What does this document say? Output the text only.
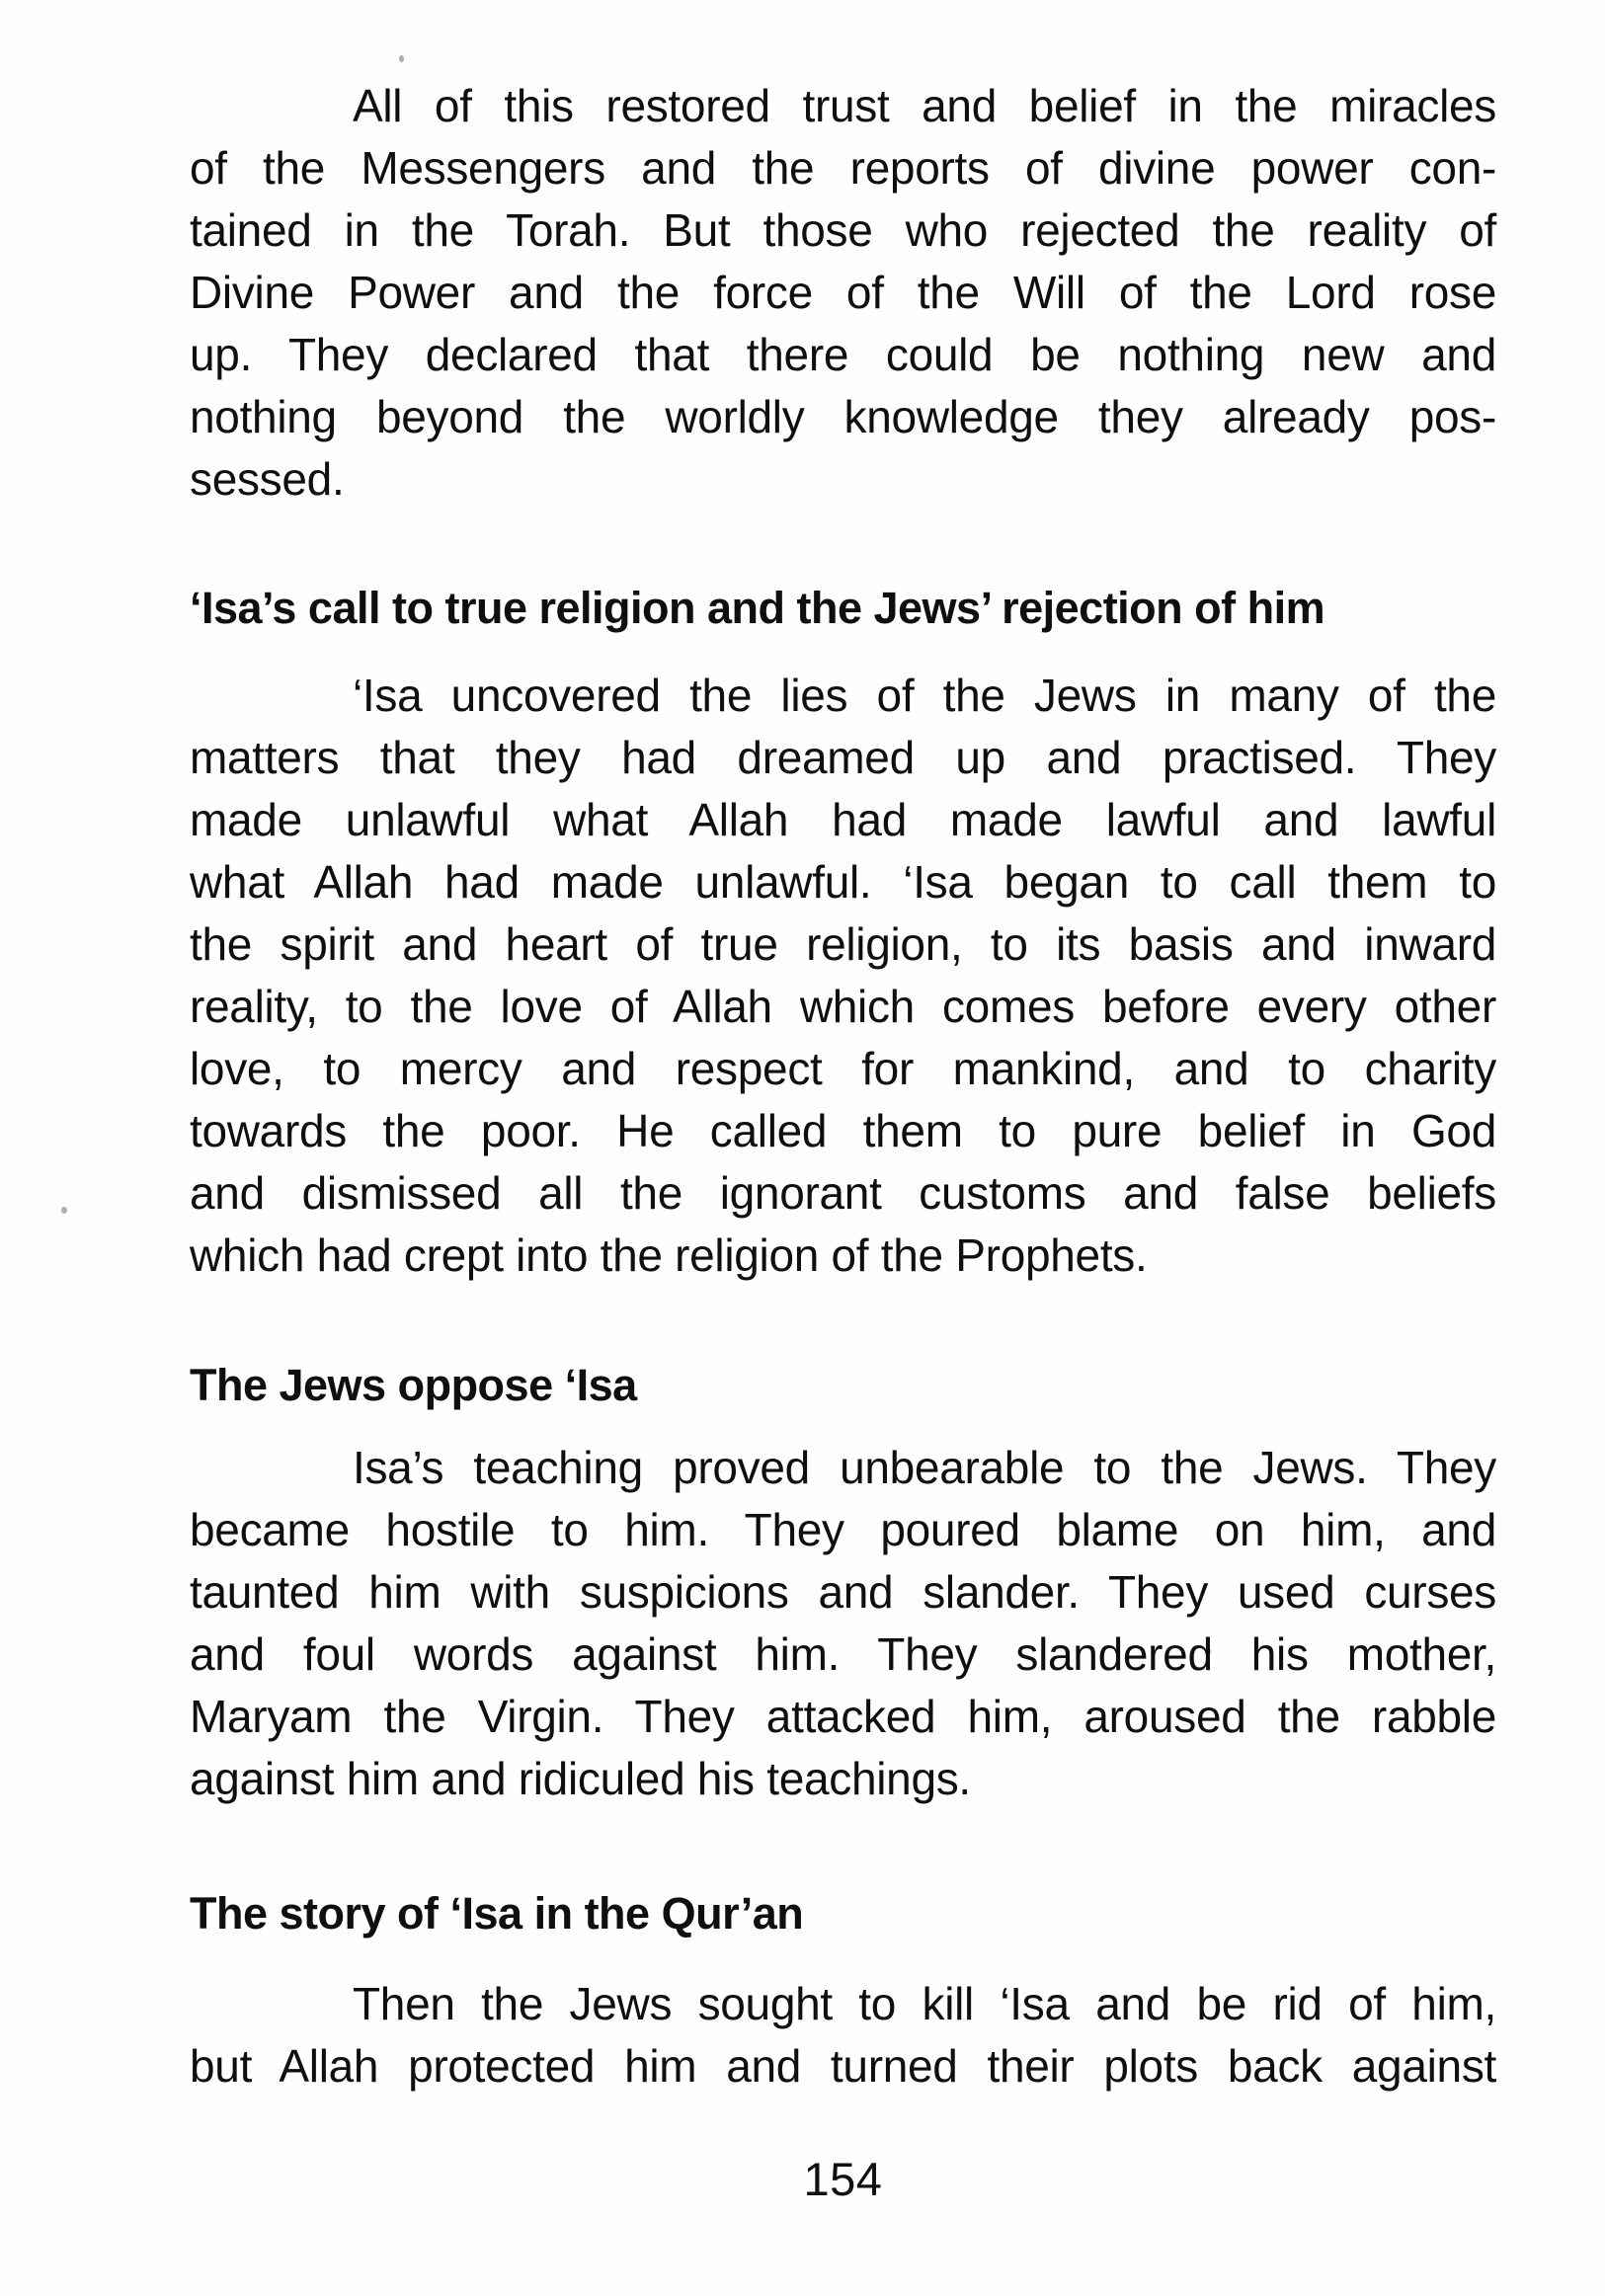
All of this restored trust and belief in the miracles
of the Messengers and the reports of divine power con-
tained in the Torah. But those who rejected the reality of
Divine Power and the force of the Will of the Lord rose
up. They declared that there could be nothing new and
nothing beyond the worldly knowledge they already pos-
sessed.
‘Isa’s call to true religion and the Jews’ rejection of him
‘Isa uncovered the lies of the Jews in many of the
matters that they had dreamed up and practised. They
made unlawful what Allah had made lawful and lawful
what Allah had made unlawful. ‘Isa began to call them to
the spirit and heart of true religion, to its basis and inward
reality, to the love of Allah which comes before every other
love, to mercy and respect for mankind, and to charity
towards the poor. He called them to pure belief in God
and dismissed all the ignorant customs and false beliefs
which had crept into the religion of the Prophets.
The Jews oppose ‘Isa
Isa’s teaching proved unbearable to the Jews. They
became hostile to him. They poured blame on him, and
taunted him with suspicions and slander. They used curses
and foul words against him. They slandered his mother,
Maryam the Virgin. They attacked him, aroused the rabble
against him and ridiculed his teachings.
The story of ‘Isa in the Qur’an
Then the Jews sought to kill ‘Isa and be rid of him,
but Allah protected him and turned their plots back against
154
